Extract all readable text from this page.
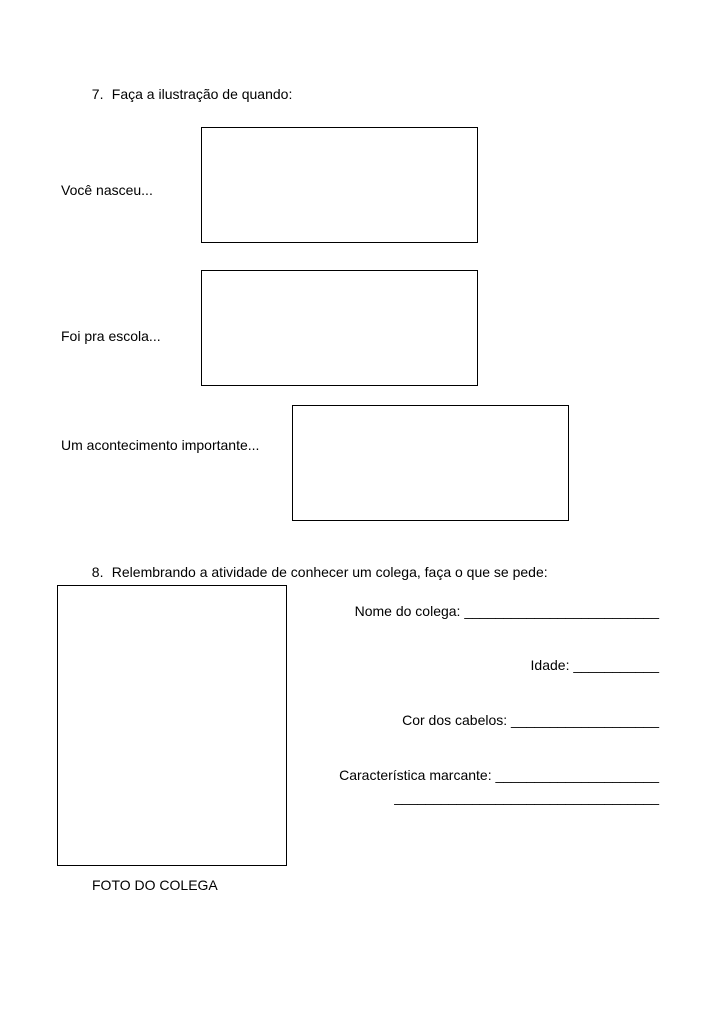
7. Faça a ilustração de quando:

Você nasceu...
Foi pra escola...
Um acontecimento importante...

8. Relembrando a atividade de conhecer um colega, faça o que se pede:

FOTO DO COLEGA
Nome do colega: _________________________
Idade: ___________
Cor dos cabelos: ___________________
Característica marcante: _____________________
__________________________________
